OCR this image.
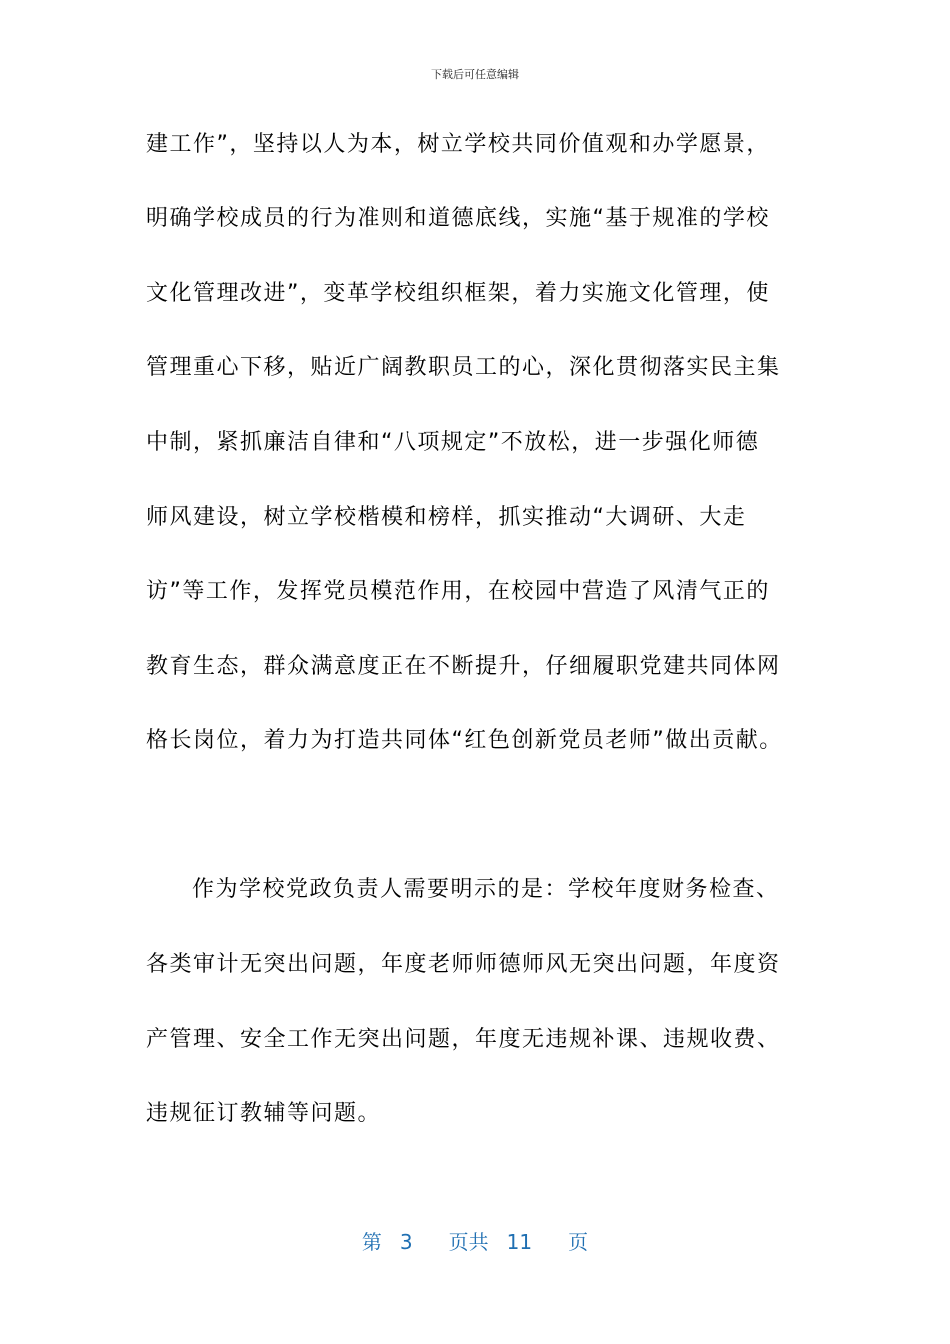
下载后可任意编辑
建工作”，坚持以人为本，树立学校共同价值观和办学愿景，
明确学校成员的行为准则和道德底线，实施“基于规准的学校
文化管理改进”，变革学校组织框架，着力实施文化管理，使
管理重心下移，贴近广阔教职员工的心，深化贯彻落实民主集
中制，紧抓廉洁自律和“八项规定”不放松，进一步强化师德
师风建设，树立学校楷模和榜样，抓实推动“大调研、大走
访”等工作，发挥党员模范作用，在校园中营造了风清气正的
教育生态，群众满意度正在不断提升，仔细履职党建共同体网
格长岗位，着力为打造共同体“红色创新党员老师”做出贡献。
作为学校党政负责人需要明示的是：学校年度财务检查、
各类审计无突出问题，年度老师师德师风无突出问题，年度资
产管理、安全工作无突出问题，年度无违规补课、违规收费、
违规征订教辅等问题。
第 3 页共 11 页
